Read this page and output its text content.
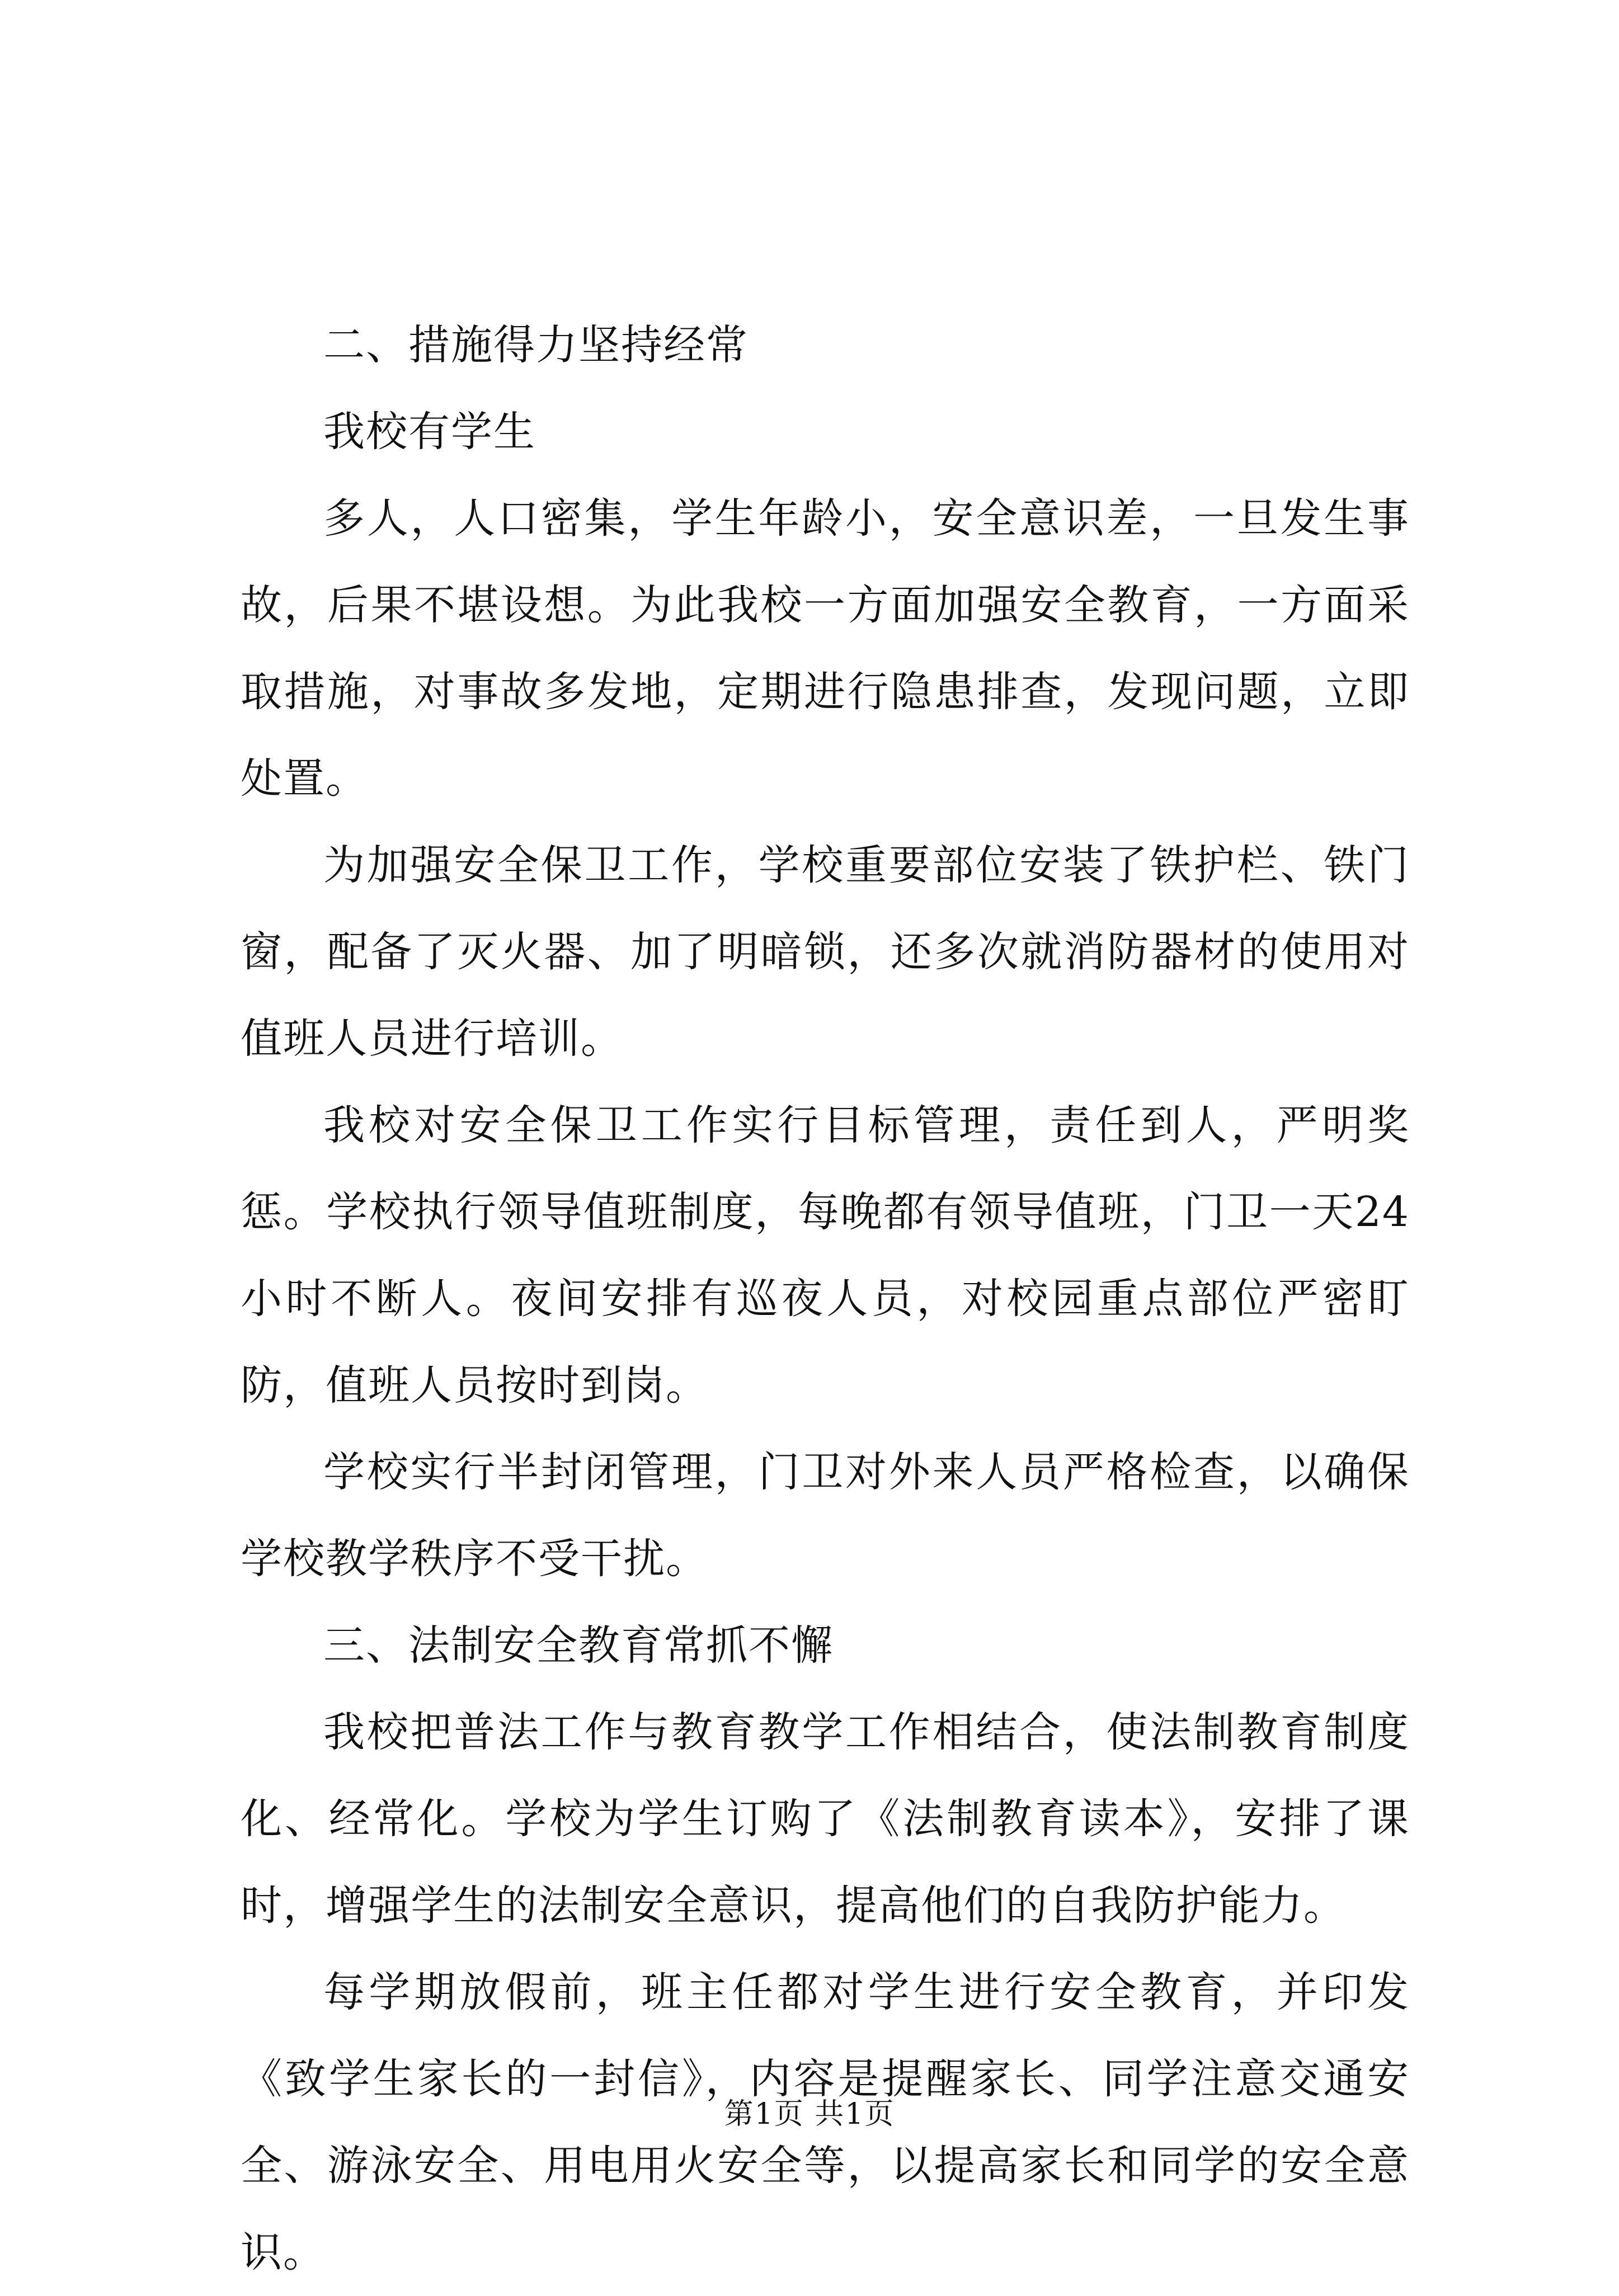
二、措施得力坚持经常

我校有学生

多人，人口密集，学生年龄小，安全意识差，一旦发生事故，后果不堪设想。为此我校一方面加强安全教育，一方面采取措施，对事故多发地，定期进行隐患排查，发现问题，立即处置。

为加强安全保卫工作，学校重要部位安装了铁护栏、铁门窗，配备了灭火器、加了明暗锁，还多次就消防器材的使用对值班人员进行培训。

我校对安全保卫工作实行目标管理，责任到人，严明奖惩。学校执行领导值班制度，每晚都有领导值班，门卫一天24小时不断人。夜间安排有巡夜人员，对校园重点部位严密盯防，值班人员按时到岗。

学校实行半封闭管理，门卫对外来人员严格检查，以确保学校教学秩序不受干扰。

三、法制安全教育常抓不懈

我校把普法工作与教育教学工作相结合，使法制教育制度化、经常化。学校为学生订购了《法制教育读本》，安排了课时，增强学生的法制安全意识，提高他们的自我防护能力。

每学期放假前，班主任都对学生进行安全教育，并印发《致学生家长的一封信》，内容是提醒家长、同学注意交通安全、游泳安全、用电用火安全等，以提高家长和同学的安全意识。

第1页 共1页
